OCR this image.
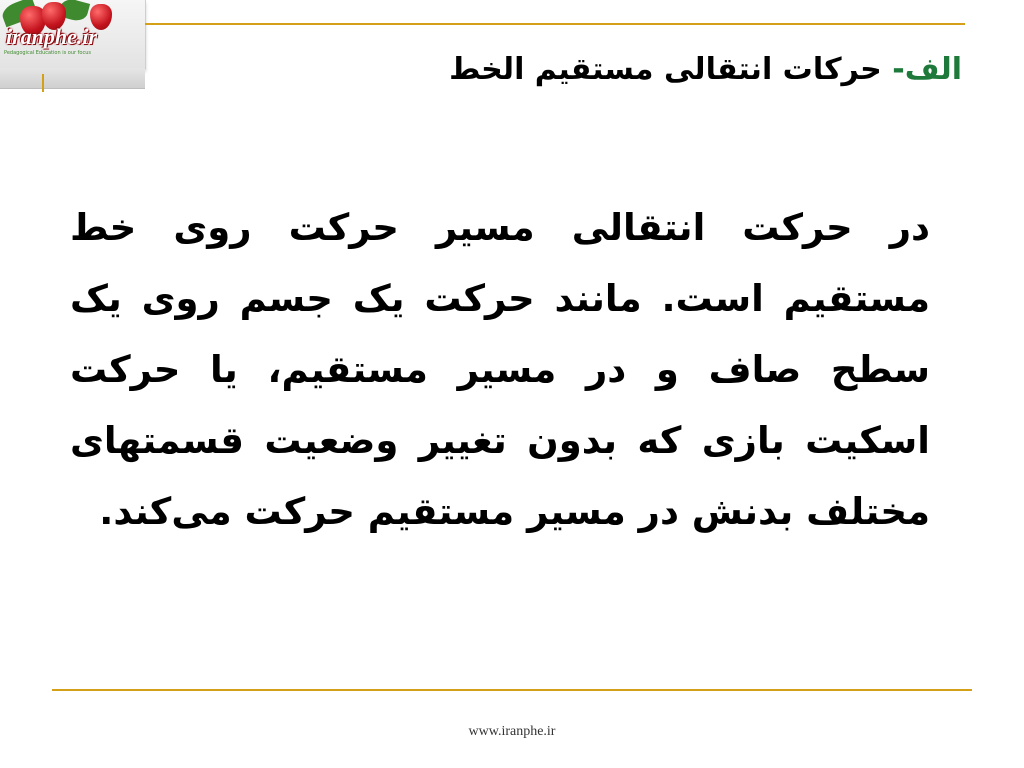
iranphe.ir
Pedagogical Education is our focus	الف- حرکات انتقالی مستقیم الخط

در حرکت انتقالی مسیر حرکت روی خط مستقیم است. مانند حرکت یک جسم روی یک سطح صاف و در مسیر مستقیم، یا حرکت اسکیت بازی که بدون تغییر وضعیت قسمتهای مختلف بدنش در مسیر مستقیم حرکت می‌کند.

www.iranphe.ir
